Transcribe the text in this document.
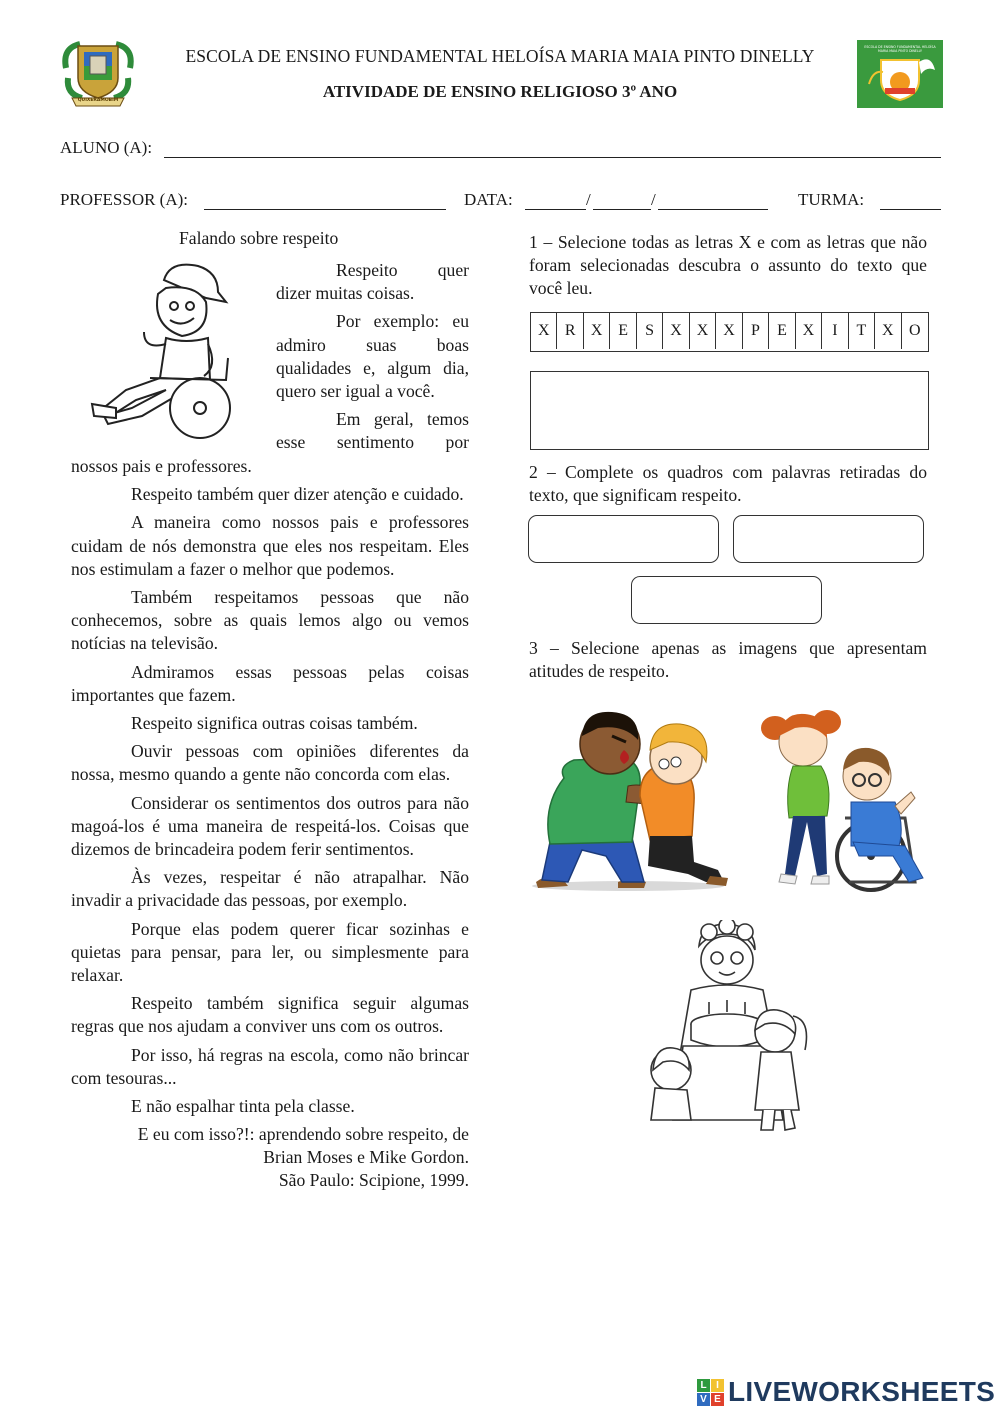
QUIXERAMOBIM
ESCOLA DE ENSINO FUNDAMENTAL HELOÍSA MARIA MAIA PINTO DINELLY
ATIVIDADE DE ENSINO RELIGIOSO 3º ANO
ESCOLA DE ENSINO FUNDAMENTAL HELOÍSA MARIA MAIA PINTO DINELLY
ALUNO (A):
PROFESSOR (A):	DATA:	/	/	TURMA:
Falando sobre respeito

Respeito quer dizer muitas coisas.

Por exemplo: eu admiro suas boas qualidades e, algum dia, quero ser igual a você.

Em geral, temos esse sentimento por

nossos pais e professores.

Respeito também quer dizer atenção e cuidado.

A maneira como nossos pais e professores cuidam de nós demonstra que eles nos respeitam. Eles nos estimulam a fazer o melhor que podemos.

Também respeitamos pessoas que não conhecemos, sobre as quais lemos algo ou vemos notícias na televisão.

Admiramos essas pessoas pelas coisas importantes que fazem.

Respeito significa outras coisas também.

Ouvir pessoas com opiniões diferentes da nossa, mesmo quando a gente não concorda com elas.

Considerar os sentimentos dos outros para não magoá-los é uma maneira de respeitá-los. Coisas que dizemos de brincadeira podem ferir sentimentos.

Às vezes, respeitar é não atrapalhar. Não invadir a privacidade das pessoas, por exemplo.

Porque elas podem querer ficar sozinhas e quietas para pensar, para ler, ou simplesmente para relaxar.

Respeito também significa seguir algumas regras que nos ajudam a conviver uns com os outros.

Por isso, há regras na escola, como não brincar com tesouras...

E não espalhar tinta pela classe.

E eu com isso?!: aprendendo sobre respeito, de
Brian Moses e Mike Gordon.
São Paulo: Scipione, 1999.
1 – Selecione todas as letras X e com as letras que não foram selecionadas descubra o assunto do texto que você leu.
X R X E	S	X X X	P	E X	I	T X O
2 – Complete os quadros com palavras retiradas do texto, que significam respeito.
3 – Selecione apenas as imagens que apresentam atitudes de respeito.
L I
V E LIVEWORKSHEETS
